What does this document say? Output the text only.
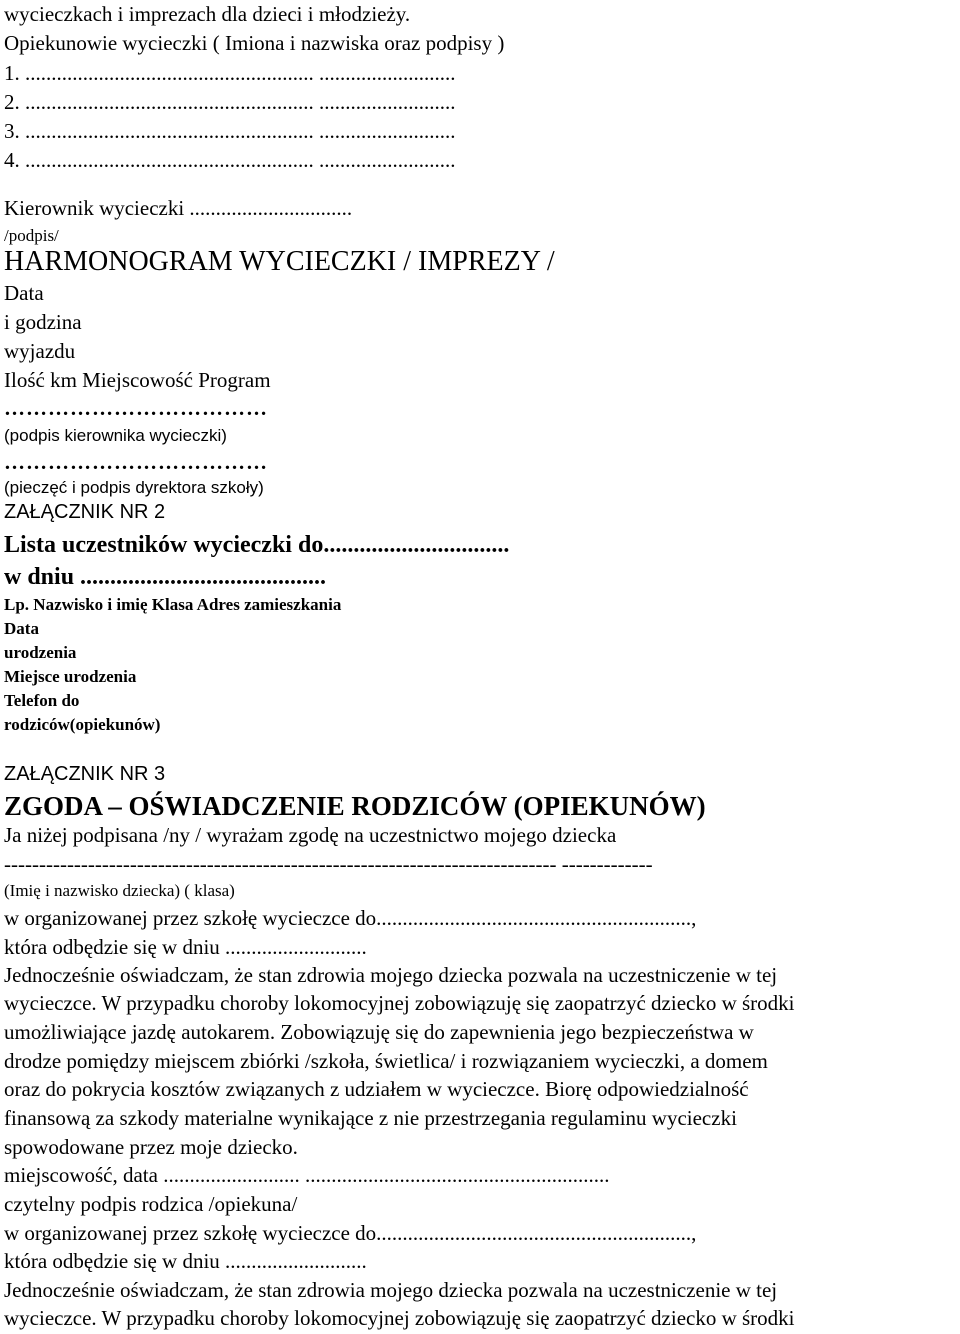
wycieczkach i imprezach dla dzieci i młodzieży.
Opiekunowie wycieczki ( Imiona i nazwiska oraz podpisy )
1. ....................................................... ..........................
2. ....................................................... ..........................
3. ....................................................... ..........................
4. ....................................................... ..........................
Kierownik wycieczki ...............................
/podpis/
HARMONOGRAM WYCIECZKI / IMPREZY /
Data
i godzina
wyjazdu
Ilość km Miejscowość Program
………………………………
(podpis kierownika wycieczki)
………………………………
(pieczęć i podpis dyrektora szkoły)
ZAŁĄCZNIK NR 2
Lista uczestników wycieczki do...............................
w dniu .........................................
Lp. Nazwisko i imię Klasa Adres zamieszkania
Data
urodzenia
Miejsce urodzenia
Telefon do
rodziców(opiekunów)
ZAŁĄCZNIK NR 3
ZGODA – OŚWIADCZENIE RODZICÓW (OPIEKUNÓW)
Ja niżej podpisana /ny / wyrażam zgodę na uczestnictwo mojego dziecka
------------------------------------------------------------------------------- -------------
(Imię i nazwisko dziecka) ( klasa)
w organizowanej przez szkołę wycieczce do............................................................,
która odbędzie się w dniu ...........................
Jednocześnie oświadczam, że stan zdrowia mojego dziecka pozwala na uczestniczenie w tej
wycieczce. W przypadku choroby lokomocyjnej zobowiązuję się zaopatrzyć dziecko w środki
umożliwiające jazdę autokarem. Zobowiązuję się do zapewnienia jego bezpieczeństwa w
drodze pomiędzy miejscem zbiórki /szkoła, świetlica/ i rozwiązaniem wycieczki, a domem
oraz do pokrycia kosztów związanych z udziałem w wycieczce. Biorę odpowiedzialność
finansową za szkody materialne wynikające z nie przestrzegania regulaminu wycieczki
spowodowane przez moje dziecko.
miejscowość, data .......................... ..........................................................
czytelny podpis rodzica /opiekuna/
w organizowanej przez szkołę wycieczce do............................................................,
która odbędzie się w dniu ...........................
Jednocześnie oświadczam, że stan zdrowia mojego dziecka pozwala na uczestniczenie w tej
wycieczce. W przypadku choroby lokomocyjnej zobowiązuję się zaopatrzyć dziecko w środki
